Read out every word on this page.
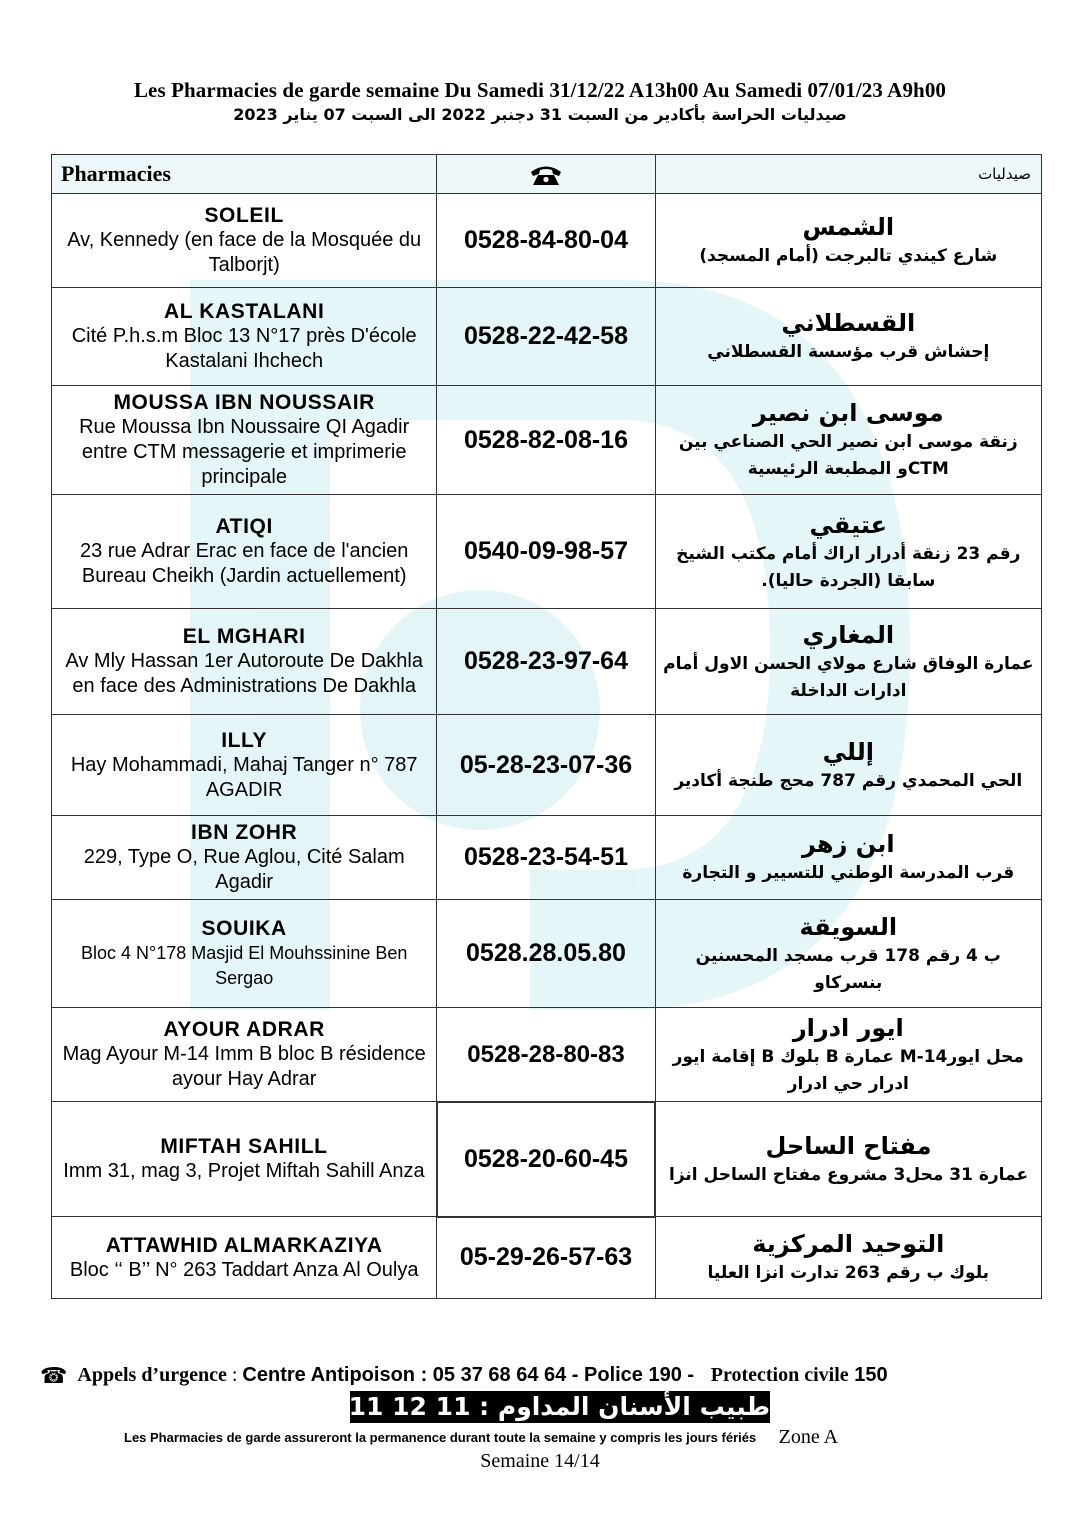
Les Pharmacies de garde semaine Du Samedi 31/12/22 A13h00 Au Samedi 07/01/23 A9h00
صيدليات الحراسة بأكادير من السبت 31 دجنبر 2022 الى السبت 07 يناير 2023
Pharmacies		صيدليات

SOLEIL
Av, Kennedy (en face de la Mosquée du Talborjt)	0528-84-80-04	الشمس
شارع كيندي تالبرجت (أمام المسجد)

AL KASTALANI
Cité P.h.s.m Bloc 13 N°17 près D'école Kastalani Ihchech	0528-22-42-58	القسطلاني
إحشاش قرب مؤسسة القسطلاني

MOUSSA IBN NOUSSAIR
Rue Moussa Ibn Noussaire QI Agadir entre CTM messagerie et imprimerie principale	0528-82-08-16	موسى ابن نصير
زنقة موسى ابن نصير الحي الصناعي بين CTMو المطبعة الرئيسية

ATIQI
23 rue Adrar Erac en face de l'ancien Bureau Cheikh (Jardin actuellement)	0540-09-98-57	عتيقي
رقم 23 زنقة أدرار اراك أمام مكتب الشيخ سابقا (الجردة حاليا).

EL MGHARI
Av Mly Hassan 1er Autoroute De Dakhla en face des Administrations De Dakhla	0528-23-97-64	المغاري
عمارة الوفاق شارع مولاي الحسن الاول أمام ادارات الداخلة

ILLY
Hay Mohammadi, Mahaj Tanger n° 787 AGADIR	05-28-23-07-36	إللي
الحي المحمدي رقم 787 محج طنجة أكادير

IBN ZOHR
229, Type O, Rue Aglou, Cité Salam Agadir	0528-23-54-51	ابن زهر
قرب المدرسة الوطني للتسيير و التجارة

SOUIKA
Bloc 4 N°178 Masjid El Mouhssinine Ben Sergao	0528.28.05.80	السويقة
ب 4 رقم 178 قرب مسجد المحسنين بنسركاو

AYOUR ADRAR
Mag Ayour M-14 Imm B bloc B résidence ayour Hay Adrar	0528-28-80-83	ايور ادرار
محل ايورM-14 عمارة B بلوك B إقامة ايور ادرار حي ادرار

MIFTAH SAHILL
Imm 31, mag 3, Projet Miftah Sahill Anza	0528-20-60-45	مفتاح الساحل
عمارة 31 محل3 مشروع مفتاح الساحل انزا

ATTAWHID ALMARKAZIYA
Bloc ‘‘ B’’ N° 263 Taddart Anza Al Oulya	05-29-26-57-63	التوحيد المركزية
بلوك ب رقم 263 تدارت انزا العليا
☎ Appels d’urgence : Centre Antipoison : 05 37 68 64 64 - Police 190 - Protection civile 150
طبيب الأسنان المداوم : 11 12 11 08 06
Les Pharmacies de garde assureront la permanence durant toute la semaine y compris les jours fériés Zone A
Semaine 14/14
